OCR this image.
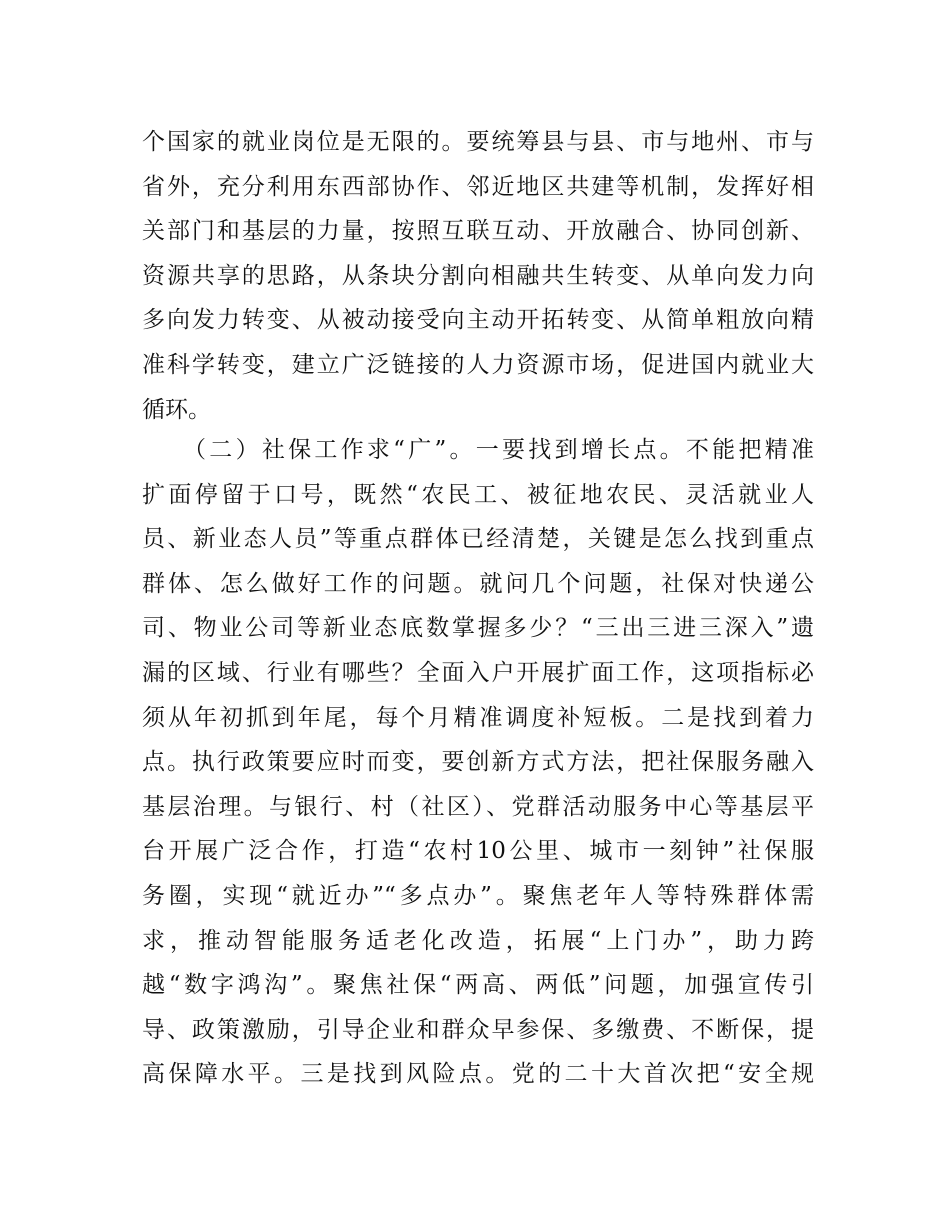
个国家的就业岗位是无限的。要统筹县与县、市与地州、市与
省外，充分利用东西部协作、邻近地区共建等机制，发挥好相
关部门和基层的力量，按照互联互动、开放融合、协同创新、
资源共享的思路，从条块分割向相融共生转变、从单向发力向
多向发力转变、从被动接受向主动开拓转变、从简单粗放向精
准科学转变，建立广泛链接的人力资源市场，促进国内就业大
循环。
　　（二）社保工作求“广”。一要找到增长点。不能把精准
扩面停留于口号，既然“农民工、被征地农民、灵活就业人
员、新业态人员”等重点群体已经清楚，关键是怎么找到重点
群体、怎么做好工作的问题。就问几个问题，社保对快递公
司、物业公司等新业态底数掌握多少？“三出三进三深入”遗
漏的区域、行业有哪些？全面入户开展扩面工作，这项指标必
须从年初抓到年尾，每个月精准调度补短板。二是找到着力
点。执行政策要应时而变，要创新方式方法，把社保服务融入
基层治理。与银行、村（社区）、党群活动服务中心等基层平
台开展广泛合作，打造“农村10公里、城市一刻钟”社保服
务圈，实现“就近办”“多点办”。聚焦老年人等特殊群体需
求，推动智能服务适老化改造，拓展“上门办”，助力跨
越“数字鸿沟”。聚焦社保“两高、两低”问题，加强宣传引
导、政策激励，引导企业和群众早参保、多缴费、不断保，提
高保障水平。三是找到风险点。党的二十大首次把“安全规
